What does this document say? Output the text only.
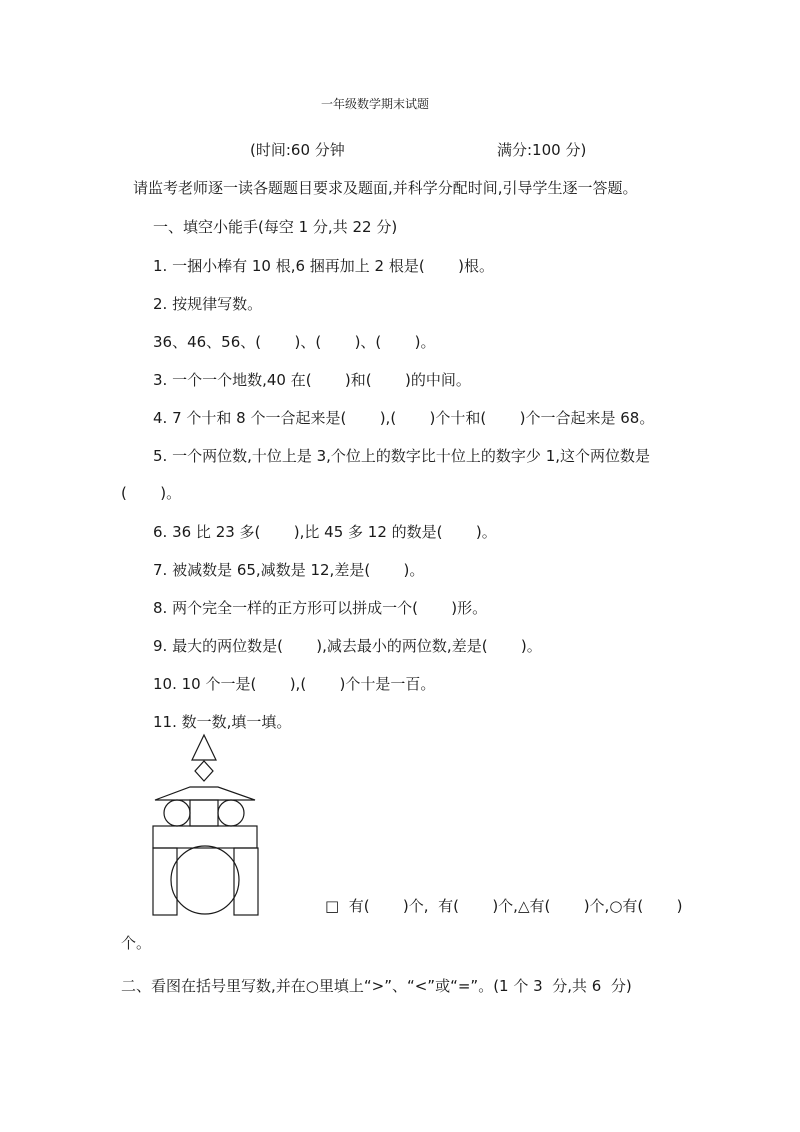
一年级数学期末试题
(时间:60 分钟	满分:100 分)
请监考老师逐一读各题题目要求及题面,并科学分配时间,引导学生逐一答题。
一、填空小能手(每空 1 分,共 22 分)
1. 一捆小棒有 10 根,6 捆再加上 2 根是(       )根。
2. 按规律写数。
36、46、56、(       )、(       )、(       )。
3. 一个一个地数,40 在(       )和(       )的中间。
4. 7 个十和 8 个一合起来是(       ),(       )个十和(       )个一合起来是 68。
5. 一个两位数,十位上是 3,个位上的数字比十位上的数字少 1,这个两位数是
(       )。
6. 36 比 23 多(       ),比 45 多 12 的数是(       )。
7. 被减数是 65,减数是 12,差是(       )。
8. 两个完全一样的正方形可以拼成一个(       )形。
9. 最大的两位数是(       ),减去最小的两位数,差是(       )。
10. 10 个一是(       ),(       )个十是一百。
11. 数一数,填一填。
□  有(       )个,  有(       )个,△有(       )个,○有(       )
个。
二、看图在括号里写数,并在○里填上“>”、“<”或“=”。(1 个 3  分,共 6  分)
